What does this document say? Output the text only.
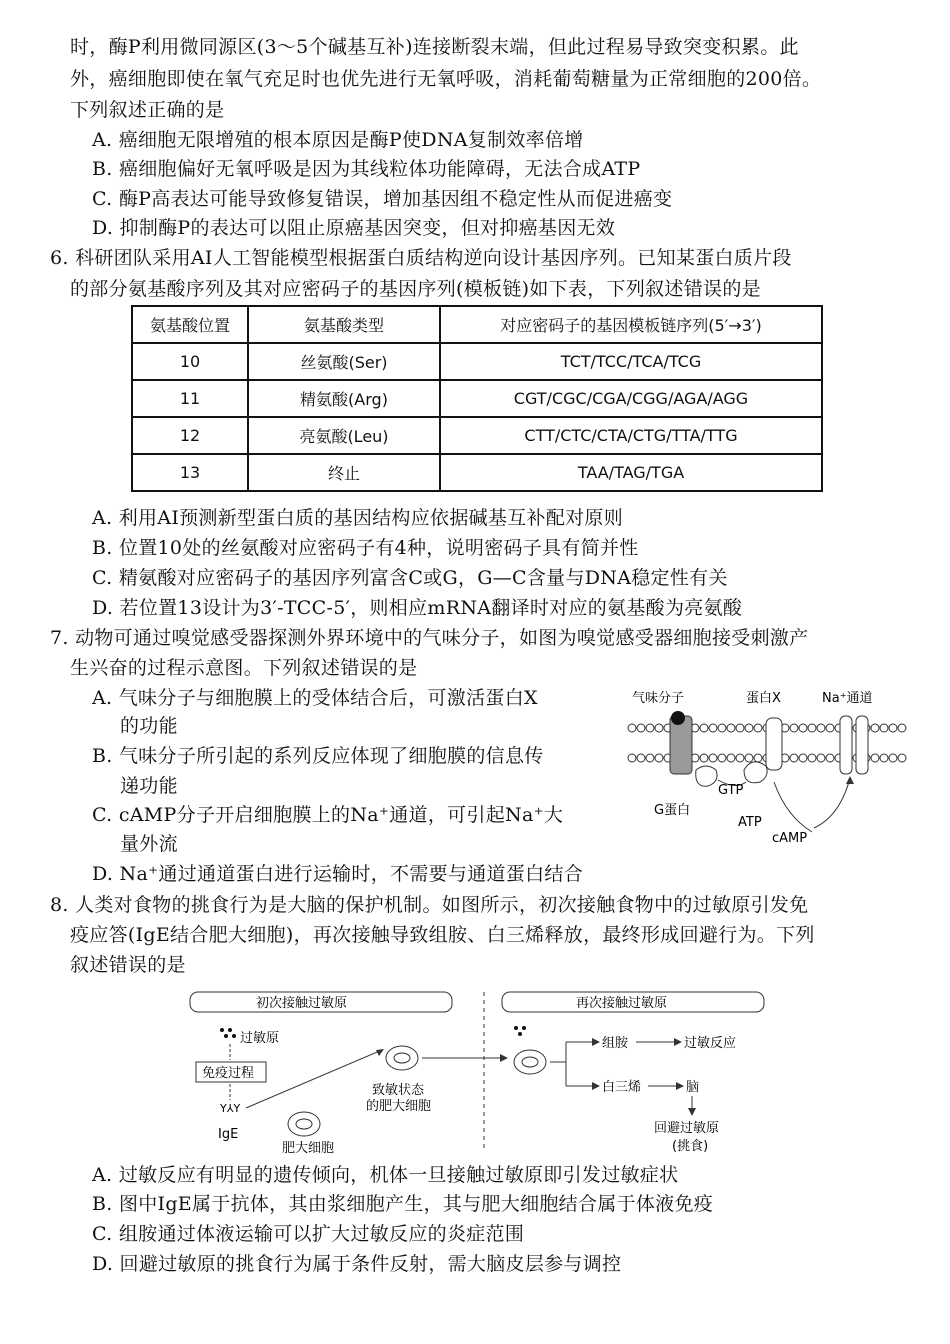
时，酶P利用微同源区(3～5个碱基互补)连接断裂末端，但此过程易导致突变积累。此
外，癌细胞即使在氧气充足时也优先进行无氧呼吸，消耗葡萄糖量为正常细胞的200倍。
下列叙述正确的是
A. 癌细胞无限增殖的根本原因是酶P使DNA复制效率倍增
B. 癌细胞偏好无氧呼吸是因为其线粒体功能障碍，无法合成ATP
C. 酶P高表达可能导致修复错误，增加基因组不稳定性从而促进癌变
D. 抑制酶P的表达可以阻止原癌基因突变，但对抑癌基因无效
6. 科研团队采用AI人工智能模型根据蛋白质结构逆向设计基因序列。已知某蛋白质片段
的部分氨基酸序列及其对应密码子的基因序列(模板链)如下表，下列叙述错误的是
氨基酸位置	氨基酸类型	对应密码子的基因模板链序列(5′→3′)
10	丝氨酸(Ser)	TCT/TCC/TCA/TCG
11	精氨酸(Arg)	CGT/CGC/CGA/CGG/AGA/AGG
12	亮氨酸(Leu)	CTT/CTC/CTA/CTG/TTA/TTG
13	终止	TAA/TAG/TGA
A. 利用AI预测新型蛋白质的基因结构应依据碱基互补配对原则
B. 位置10处的丝氨酸对应密码子有4种，说明密码子具有简并性
C. 精氨酸对应密码子的基因序列富含C或G，G—C含量与DNA稳定性有关
D. 若位置13设计为3′-TCC-5′，则相应mRNA翻译时对应的氨基酸为亮氨酸
7. 动物可通过嗅觉感受器探测外界环境中的气味分子，如图为嗅觉感受器细胞接受刺激产
生兴奋的过程示意图。下列叙述错误的是
A. 气味分子与细胞膜上的受体结合后，可激活蛋白X
的功能
B. 气味分子所引起的系列反应体现了细胞膜的信息传
递功能
C. cAMP分子开启细胞膜上的Na⁺通道，可引起Na⁺大
量外流
D. Na⁺通过通道蛋白进行运输时，不需要与通道蛋白结合
气味分子	蛋白X	Na⁺通道
GTP
G蛋白
ATP
cAMP
8. 人类对食物的挑食行为是大脑的保护机制。如图所示，初次接触食物中的过敏原引发免
疫应答(IgE结合肥大细胞)，再次接触导致组胺、白三烯释放，最终形成回避行为。下列
叙述错误的是
初次接触过敏原	再次接触过敏原
过敏原
免疫过程
Y⅄Y
IgE
肥大细胞
致敏状态
的肥大细胞
组胺	过敏反应
白三烯	脑
回避过敏原
(挑食)
A. 过敏反应有明显的遗传倾向，机体一旦接触过敏原即引发过敏症状
B. 图中IgE属于抗体，其由浆细胞产生，其与肥大细胞结合属于体液免疫
C. 组胺通过体液运输可以扩大过敏反应的炎症范围
D. 回避过敏原的挑食行为属于条件反射，需大脑皮层参与调控
